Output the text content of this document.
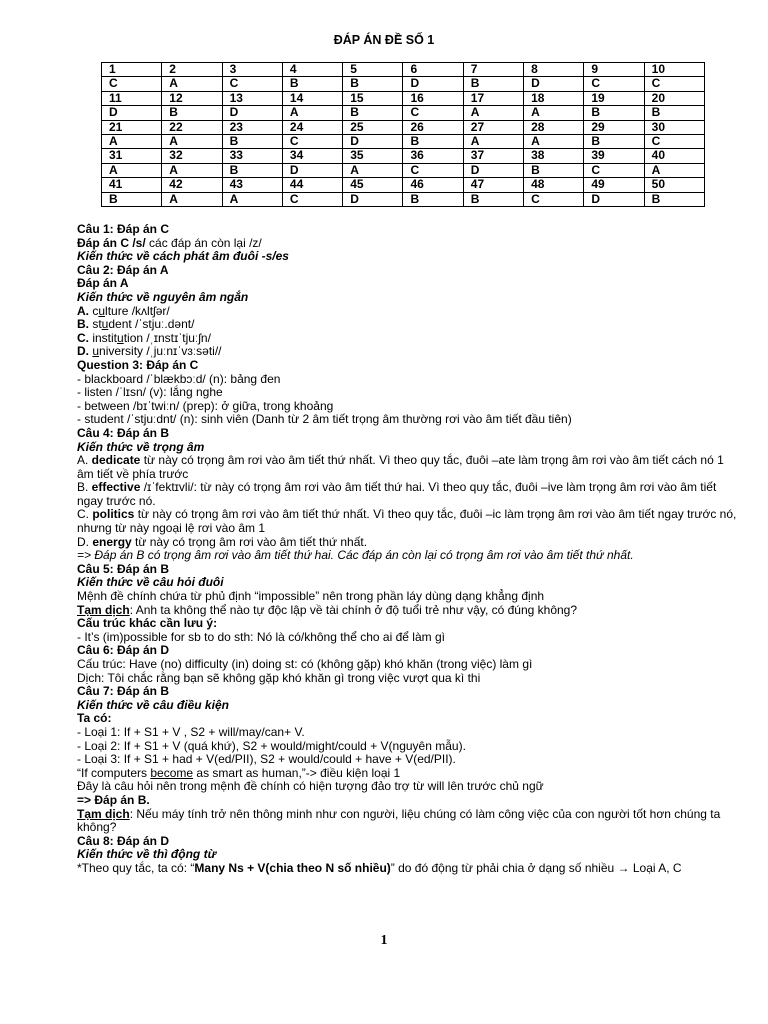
ĐÁP ÁN ĐỀ SỐ 1
1	2	3	4	5	6	7	8	9	10
C	A	C	B	B	D	B	D	C	C
11	12	13	14	15	16	17	18	19	20
D	B	D	A	B	C	A	A	B	B
21	22	23	24	25	26	27	28	29	30
A	A	B	C	D	B	A	A	B	C
31	32	33	34	35	36	37	38	39	40
A	A	B	D	A	C	D	B	C	A
41	42	43	44	45	46	47	48	49	50
B	A	A	C	D	B	B	C	D	B
Câu 1: Đáp án C
Đáp án C /s/ các đáp án còn lại /z/
Kiến thức về cách phát âm đuôi -s/es
Câu 2: Đáp án A
Đáp án A
Kiến thức về nguyên âm ngắn
A. culture /kʌltʃər/
B. student /ˈstjuː.dənt/
C. institution /ˌɪnstɪˈtjuːʃn/
D. university /ˌjuːnɪˈvɜːsəti//
Question 3: Đáp án C
- blackboard /ˈblækbɔːd/ (n): bảng đen
- listen /ˈlɪsn/ (v): lắng nghe
- between /bɪˈtwiːn/ (prep): ở giữa, trong khoảng
- student /ˈstjuːdnt/ (n): sinh viên (Danh từ 2 âm tiết trọng âm thường rơi vào âm tiết đầu tiên)
Câu 4: Đáp án B
Kiến thức về trọng âm
A. dedicate từ này có trọng âm rơi vào âm tiết thứ nhất. Vì theo quy tắc, đuôi –ate làm trọng âm rơi vào âm tiết cách nó 1 âm tiết về phía trước
B. effective /ɪˈfektɪvli/: từ này có trọng âm rơi vào âm tiết thứ hai. Vì theo quy tắc, đuôi –ive làm trọng âm rơi vào âm tiết ngay trước nó.
C. politics từ này có trọng âm rơi vào âm tiết thứ nhất. Vì theo quy tắc, đuôi –ic làm trọng âm rơi vào âm tiết ngay trước nó, nhưng từ này ngoại lệ rơi vào âm 1
D. energy từ này có trọng âm rơi vào âm tiết thứ nhất.
=> Đáp án B có trọng âm rơi vào âm tiết thứ hai. Các đáp án còn lại có trọng âm rơi vào âm tiết thứ nhất.
Câu 5: Đáp án B
Kiến thức về câu hỏi đuôi
Mệnh đề chính chứa từ phủ định “impossible” nên trong phần láy dùng dạng khẳng định
Tạm dịch: Anh ta không thể nào tự độc lập về tài chính ở độ tuổi trẻ như vậy, có đúng không?
Cấu trúc khác cần lưu ý:
- It’s (im)possible for sb to do sth: Nó là có/không thể cho ai để làm gì
Câu 6: Đáp án D
Cấu trúc: Have (no) difficulty (in) doing st: có (không gặp) khó khăn (trong việc) làm gì
Dịch: Tôi chắc rằng bạn sẽ không gặp khó khăn gì trong việc vượt qua kì thi
Câu 7: Đáp án B
Kiến thức về câu điều kiện
Ta có:
- Loại 1: If + S1 + V , S2 + will/may/can+ V.
- Loại 2: If + S1 + V (quá khứ), S2 + would/might/could + V(nguyên mẫu).
- Loại 3: If + S1 + had + V(ed/PII), S2 + would/could + have + V(ed/PII).
“If computers become as smart as human,”-> điều kiện loại 1
Đây là câu hỏi nên trong mệnh đề chính có hiện tượng đảo trợ từ will lên trước chủ ngữ
=> Đáp án B.
Tạm dịch: Nếu máy tính trở nên thông minh như con người, liệu chúng có làm công việc của con người tốt hơn chúng ta không?
Câu 8: Đáp án D
Kiến thức về thì động từ
*Theo quy tắc, ta có: “Many Ns + V(chia theo N số nhiều)” do đó động từ phải chia ở dạng số nhiều → Loại A, C
1
